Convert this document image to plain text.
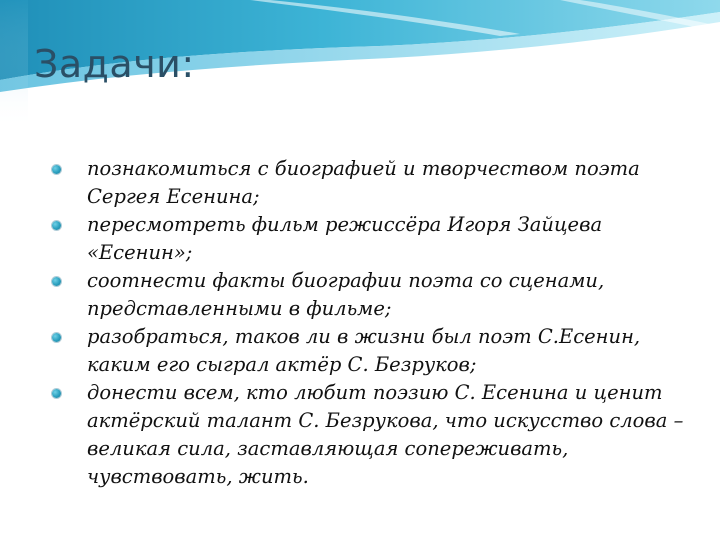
Задачи:
познакомиться с биографией и творчеством поэта Сергея Есенина;
пересмотреть фильм режиссёра Игоря Зайцева «Есенин»;
соотнести факты биографии поэта со сценами, представленными в фильме;
разобраться, таков ли в жизни был поэт С.Есенин, каким его сыграл актёр С. Безруков;
донести всем, кто любит поэзию С. Есенина и ценит актёрский талант С. Безрукова, что искусство слова – великая сила, заставляющая сопереживать, чувствовать, жить.
